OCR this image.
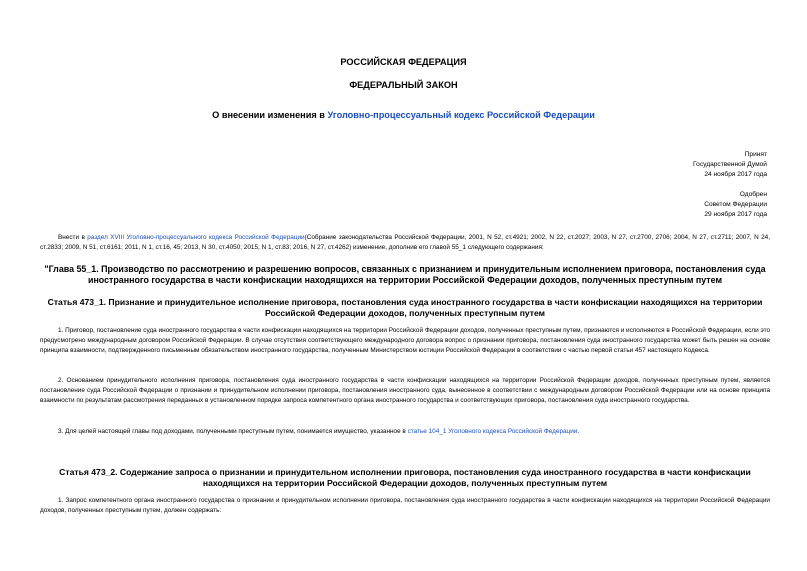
РОССИЙСКАЯ ФЕДЕРАЦИЯ
ФЕДЕРАЛЬНЫЙ ЗАКОН
О внесении изменения в Уголовно-процессуальный кодекс Российской Федерации
Принят
Государственной Думой
24 ноября 2017 года
Одобрен
Советом Федерации
29 ноября 2017 года
Внести в раздел XVIII Уголовно-процессуального кодекса Российской Федерации(Собрание законодательства Российской Федерации, 2001, N 52, ст.4921; 2002, N 22, ст.2027; 2003, N 27, ст.2700, 2706; 2004, N 27, ст.2711; 2007, N 24, ст.2833; 2009, N 51, ст.6161; 2011, N 1, ст.16, 45; 2013, N 30, ст.4050; 2015, N 1, ст.83; 2016, N 27, ст.4262) изменение, дополнив его главой 55_1 следующего содержания:
"Глава 55_1. Производство по рассмотрению и разрешению вопросов, связанных с признанием и принудительным исполнением приговора, постановления суда иностранного государства в части конфискации находящихся на территории Российской Федерации доходов, полученных преступным путем
Статья 473_1. Признание и принудительное исполнение приговора, постановления суда иностранного государства в части конфискации находящихся на территории Российской Федерации доходов, полученных преступным путем
1. Приговор, постановление суда иностранного государства в части конфискации находящихся на территории Российской Федерации доходов, полученных преступным путем, признаются и исполняются в Российской Федерации, если это предусмотрено международным договором Российской Федерации. В случае отсутствия соответствующего международного договора вопрос о признании приговора, постановления суда иностранного государства может быть решен на основе принципа взаимности, подтвержденного письменным обязательством иностранного государства, полученным Министерством юстиции Российской Федерации в соответствии с частью первой статьи 457 настоящего Кодекса.
2. Основанием принудительного исполнения приговора, постановления суда иностранного государства в части конфискации находящихся на территории Российской Федерации доходов, полученных преступным путем, является постановление суда Российской Федерации о признании и принудительном исполнении приговора, постановления иностранного суда, вынесенное в соответствии с международным договором Российской Федерации или на основе принципа взаимности по результатам рассмотрения переданных в установленном порядке запроса компетентного органа иностранного государства и соответствующих приговора, постановления суда иностранного государства.
3. Для целей настоящей главы под доходами, полученными преступным путем, понимается имущество, указанное в статье 104_1 Уголовного кодекса Российской Федерации.
Статья 473_2. Содержание запроса о признании и принудительном исполнении приговора, постановления суда иностранного государства в части конфискации находящихся на территории Российской Федерации доходов, полученных преступным путем
1. Запрос компетентного органа иностранного государства о признании и принудительном исполнении приговора, постановления суда иностранного государства в части конфискации находящихся на территории Российской Федерации доходов, полученных преступным путем, должен содержать:
